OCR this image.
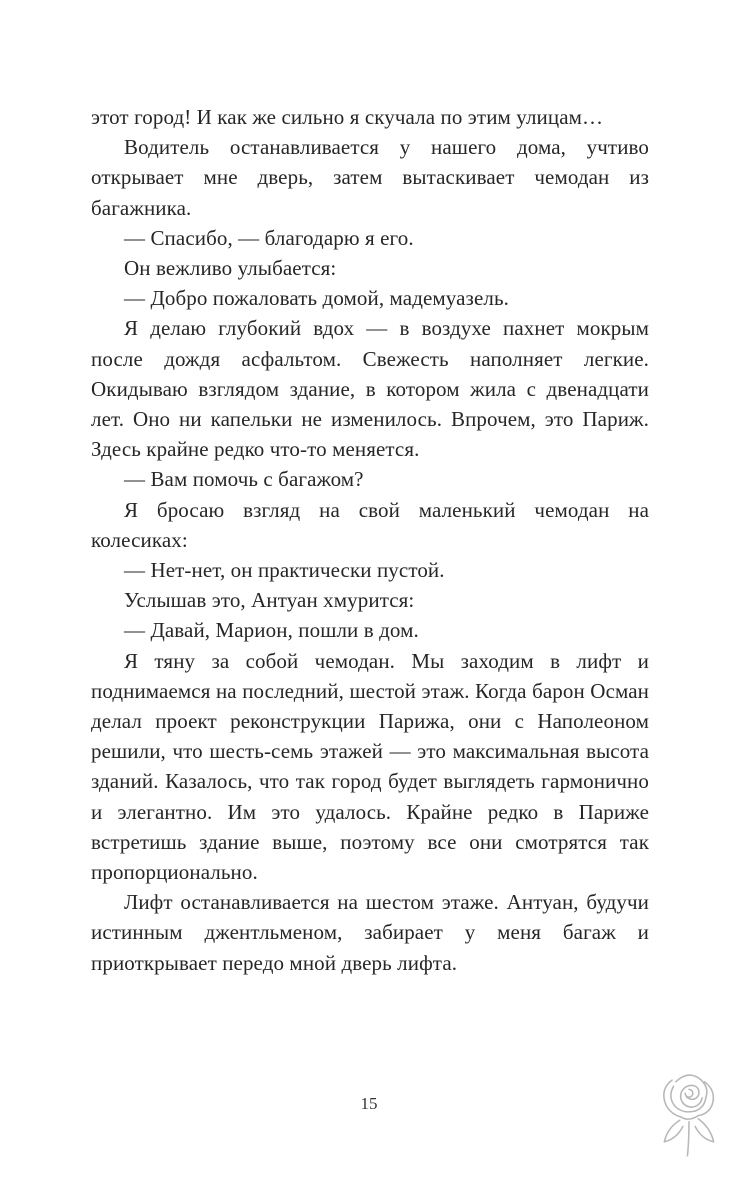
этот город! И как же сильно я скучала по этим улицам…

Водитель останавливается у нашего дома, учтиво открывает мне дверь, затем вытаскивает чемодан из багажника.

— Спасибо, — благодарю я его.

Он вежливо улыбается:

— Добро пожаловать домой, мадемуазель.

Я делаю глубокий вдох — в воздухе пахнет мокрым после дождя асфальтом. Свежесть наполняет легкие. Окидываю взглядом здание, в котором жила с двенадцати лет. Оно ни капельки не изменилось. Впрочем, это Париж. Здесь крайне редко что-то меняется.

— Вам помочь с багажом?

Я бросаю взгляд на свой маленький чемодан на колесиках:

— Нет-нет, он практически пустой.

Услышав это, Антуан хмурится:

— Давай, Марион, пошли в дом.

Я тяну за собой чемодан. Мы заходим в лифт и поднимаемся на последний, шестой этаж. Когда барон Осман делал проект реконструкции Парижа, они с Наполеоном решили, что шесть-семь этажей — это максимальная высота зданий. Казалось, что так город будет выглядеть гармонично и элегантно. Им это удалось. Крайне редко в Париже встретишь здание выше, поэтому все они смотрятся так пропорционально.

Лифт останавливается на шестом этаже. Антуан, будучи истинным джентльменом, забирает у меня багаж и приоткрывает передо мной дверь лифта.

15
